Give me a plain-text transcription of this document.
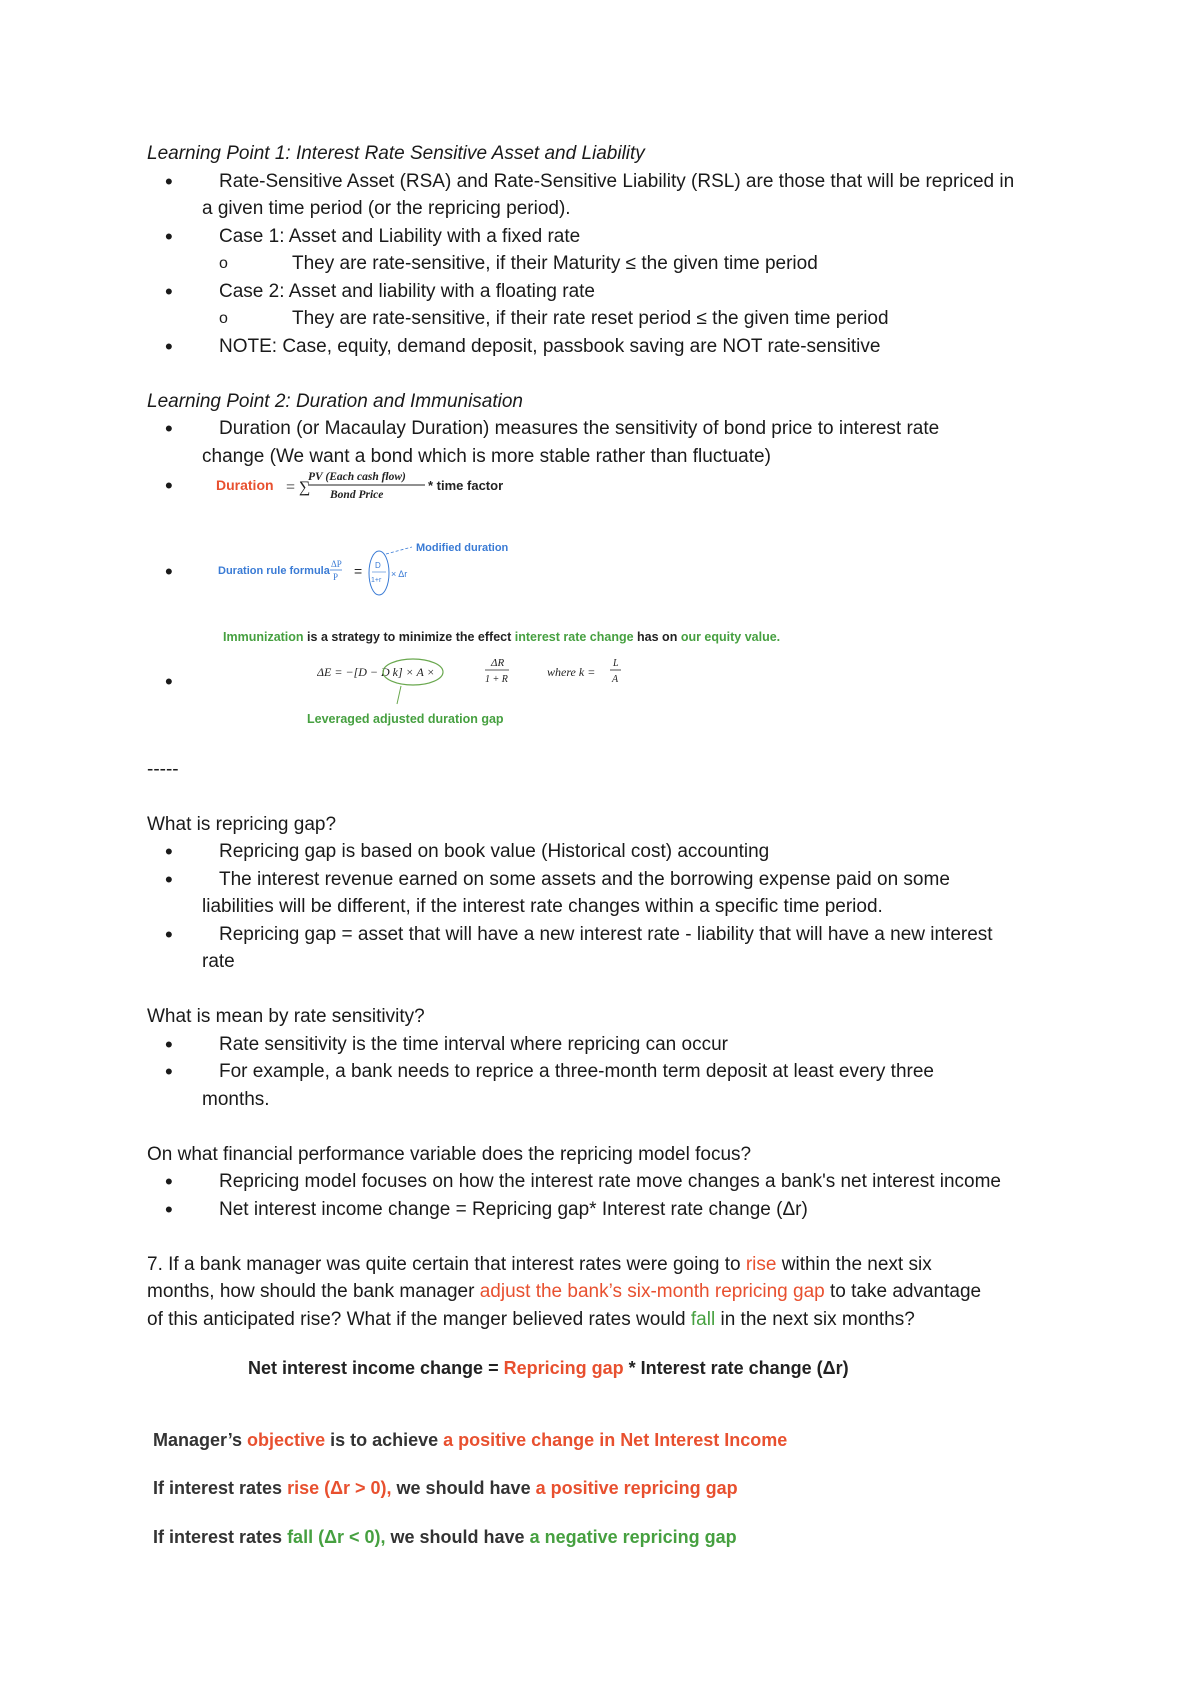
Learning Point 1: Interest Rate Sensitive Asset and Liability
• Rate-Sensitive Asset (RSA) and Rate-Sensitive Liability (RSL) are those that will be repriced in
a given time period (or the repricing period).
• Case 1: Asset and Liability with a fixed rate
o They are rate-sensitive, if their Maturity ≤ the given time period
• Case 2: Asset and liability with a floating rate
o They are rate-sensitive, if their rate reset period ≤ the given time period
• NOTE: Case, equity, demand deposit, passbook saving are NOT rate-sensitive
Learning Point 2: Duration and Immunisation
• Duration (or Macaulay Duration) measures the sensitivity of bond price to interest rate
change (We want a bond which is more stable rather than fluctuate)
•	Duration = ∑
PV (Each cash flow)
Bond Price
* time factor
•	Duration rule formula
ΔP
P = D
1+r
× Δr
Modified duration
•
Immunization is a strategy to minimize the effect interest rate change has on our equity value.
ΔE = −[D − D k] × A ×
ΔR
1 + R
where k =
L
A
Leveraged adjusted duration gap
-----
What is repricing gap?
• Repricing gap is based on book value (Historical cost) accounting
• The interest revenue earned on some assets and the borrowing expense paid on some
liabilities will be different, if the interest rate changes within a specific time period.
• Repricing gap = asset that will have a new interest rate - liability that will have a new interest
rate
What is mean by rate sensitivity?
• Rate sensitivity is the time interval where repricing can occur
• For example, a bank needs to reprice a three-month term deposit at least every three
months.
On what financial performance variable does the repricing model focus?
• Repricing model focuses on how the interest rate move changes a bank's net interest income
• Net interest income change = Repricing gap* Interest rate change (Δr)
7. If a bank manager was quite certain that interest rates were going to rise within the next six
months, how should the bank manager adjust the bank’s six-month repricing gap to take advantage
of this anticipated rise? What if the manger believed rates would fall in the next six months?
Net interest income change = Repricing gap * Interest rate change (Δr)
Manager’s objective is to achieve a positive change in Net Interest Income
If interest rates rise (Δr > 0), we should have a positive repricing gap
If interest rates fall (Δr < 0), we should have a negative repricing gap
